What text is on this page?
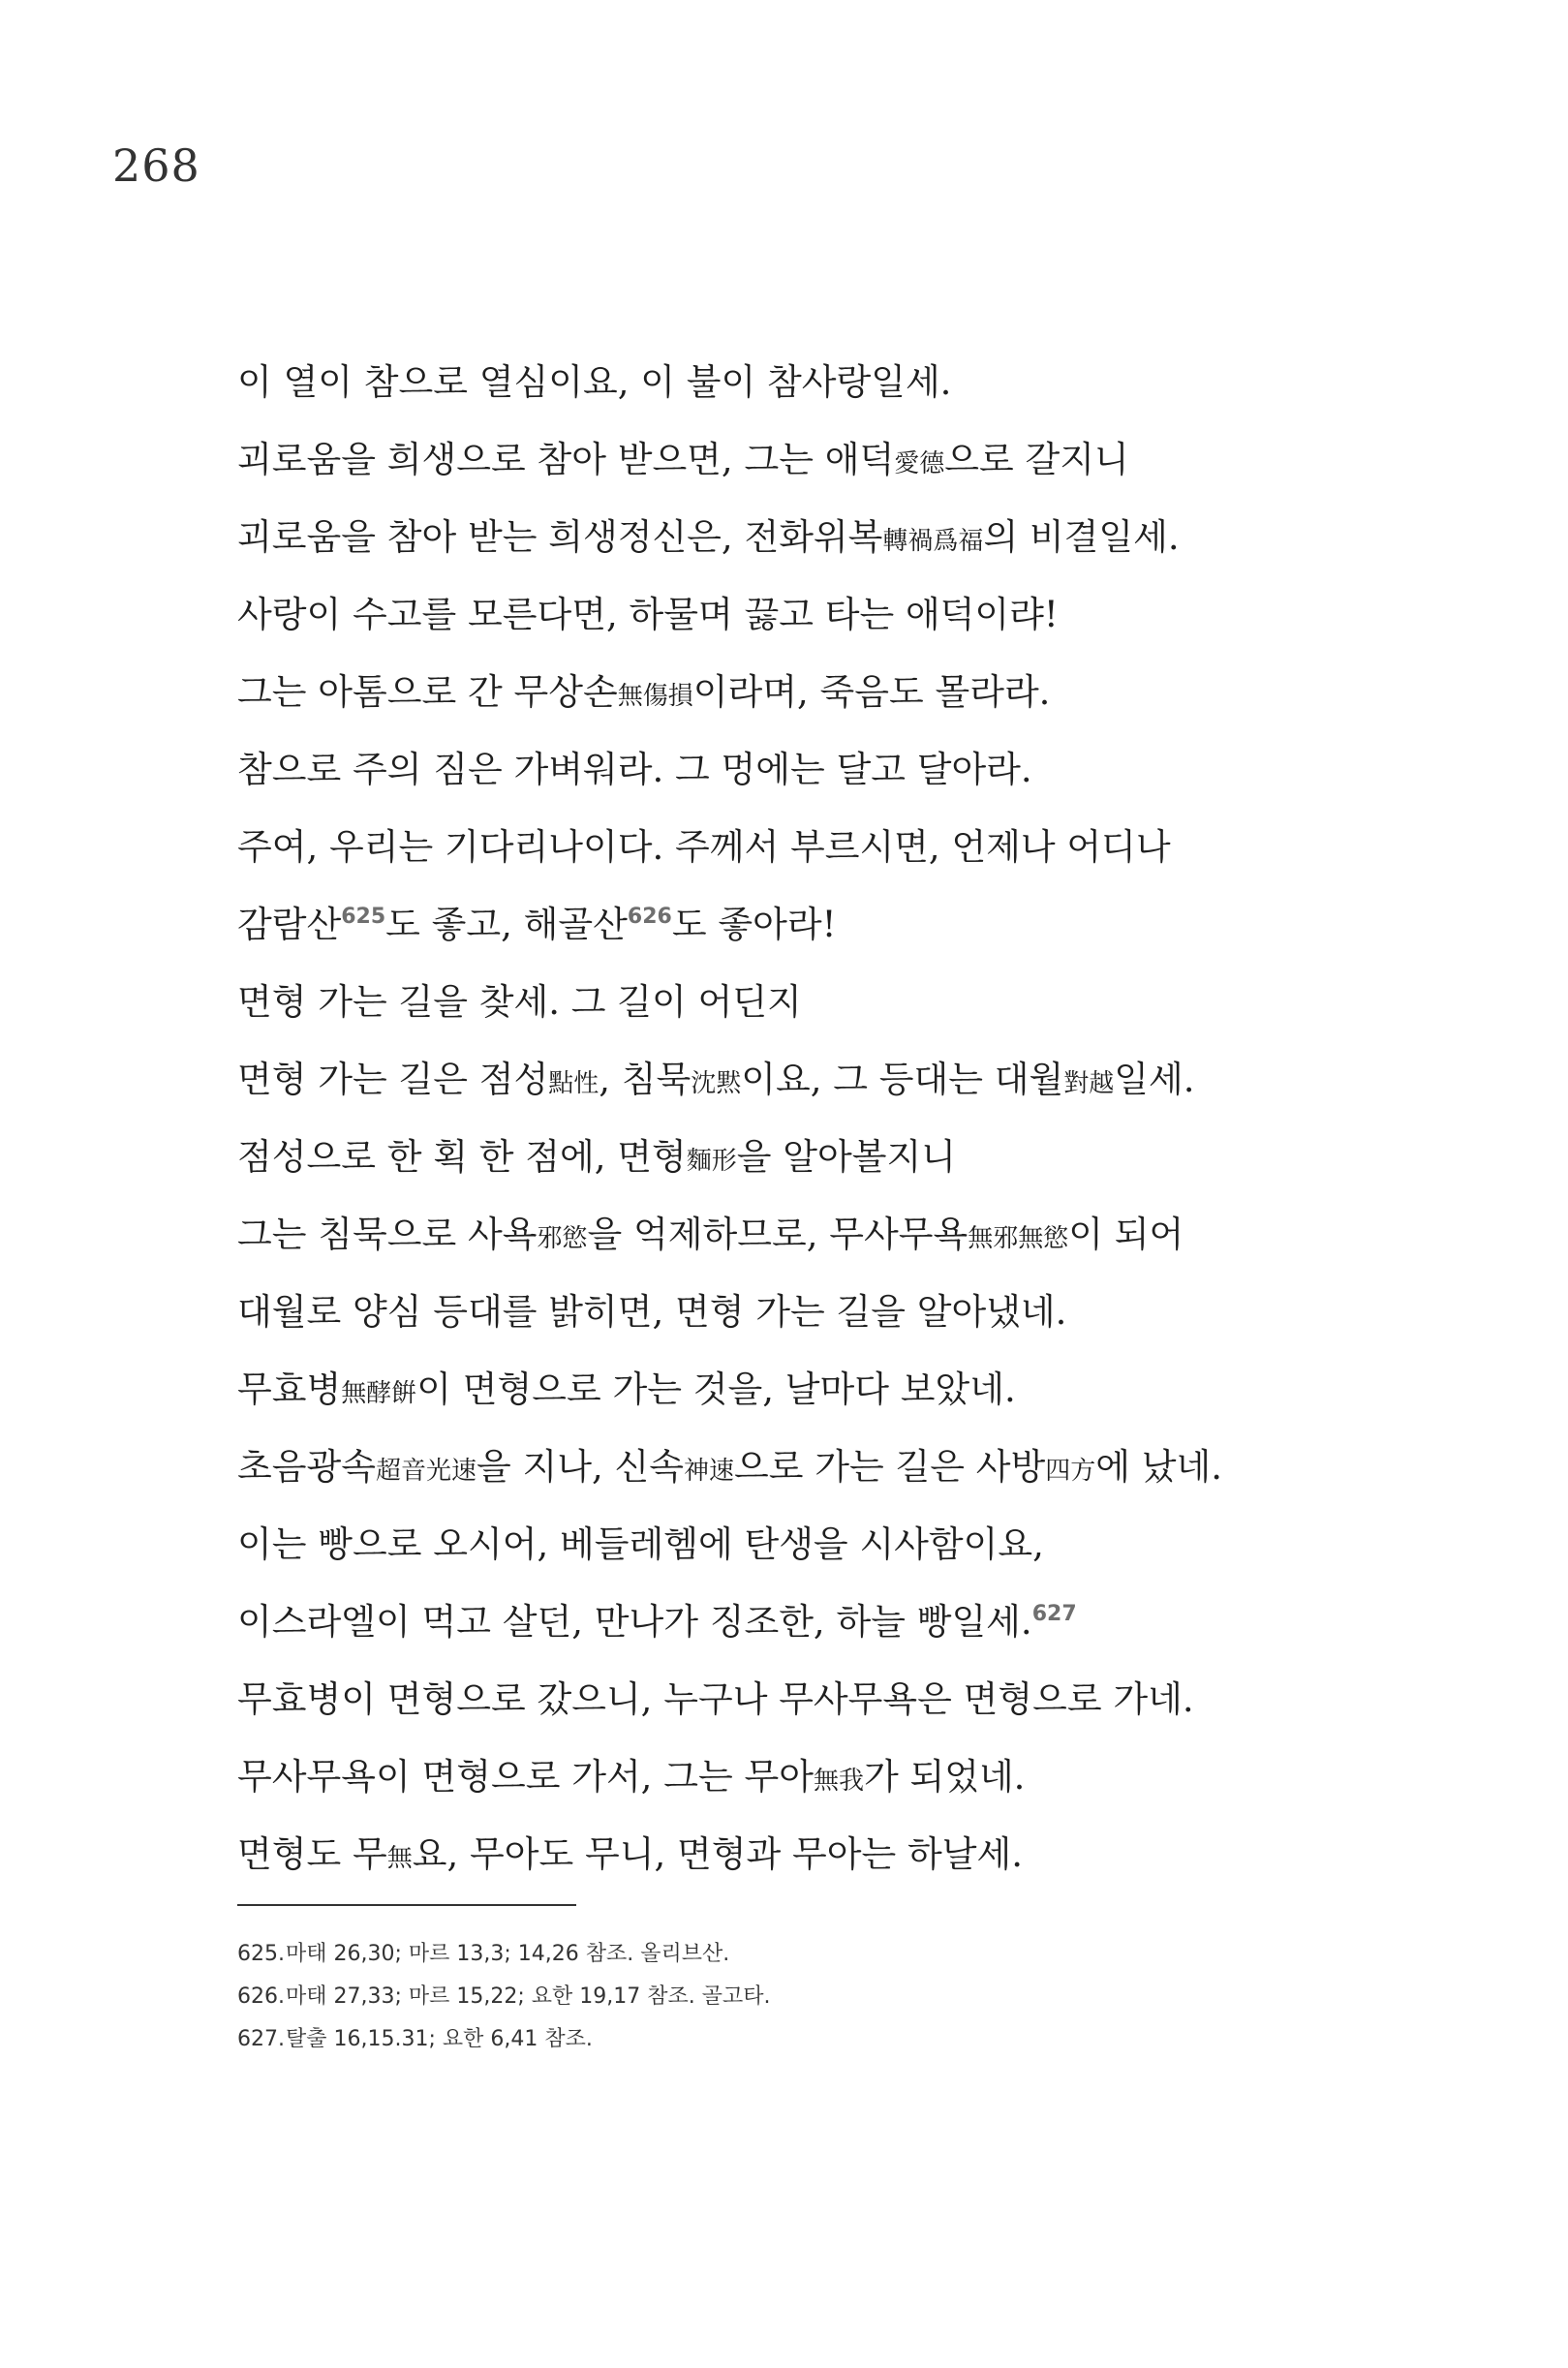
268
이 열이 참으로 열심이요, 이 불이 참사랑일세.
괴로움을 희생으로 참아 받으면, 그는 애덕愛德으로 갈지니
괴로움을 참아 받는 희생정신은, 전화위복轉禍爲福의 비결일세.
사랑이 수고를 모른다면, 하물며 끓고 타는 애덕이랴!
그는 아톰으로 간 무상손無傷損이라며, 죽음도 몰라라.
참으로 주의 짐은 가벼워라. 그 멍에는 달고 달아라.
주여, 우리는 기다리나이다. 주께서 부르시면, 언제나 어디나
감람산$^{625}$도 좋고, 해골산$^{626}$도 좋아라!
면형 가는 길을 찾세. 그 길이 어딘지
면형 가는 길은 점성點性, 침묵沈黙이요, 그 등대는 대월對越일세.
점성으로 한 획 한 점에, 면형麵形을 알아볼지니
그는 침묵으로 사욕邪慾을 억제하므로, 무사무욕無邪無慾이 되어
대월로 양심 등대를 밝히면, 면형 가는 길을 알아냈네.
무효병無酵餠이 면형으로 가는 것을, 날마다 보았네.
초음광속超音光速을 지나, 신속神速으로 가는 길은 사방四方에 났네.
이는 빵으로 오시어, 베들레헴에 탄생을 시사함이요,
이스라엘이 먹고 살던, 만나가 징조한, 하늘 빵일세.$^{627}$
무효병이 면형으로 갔으니, 누구나 무사무욕은 면형으로 가네.
무사무욕이 면형으로 가서, 그는 무아無我가 되었네.
면형도 무無요, 무아도 무니, 면형과 무아는 하날세.
625.마태 26,30; 마르 13,3; 14,26 참조. 올리브산.
626.마태 27,33; 마르 15,22; 요한 19,17 참조. 골고타.
627.탈출 16,15.31; 요한 6,41 참조.
